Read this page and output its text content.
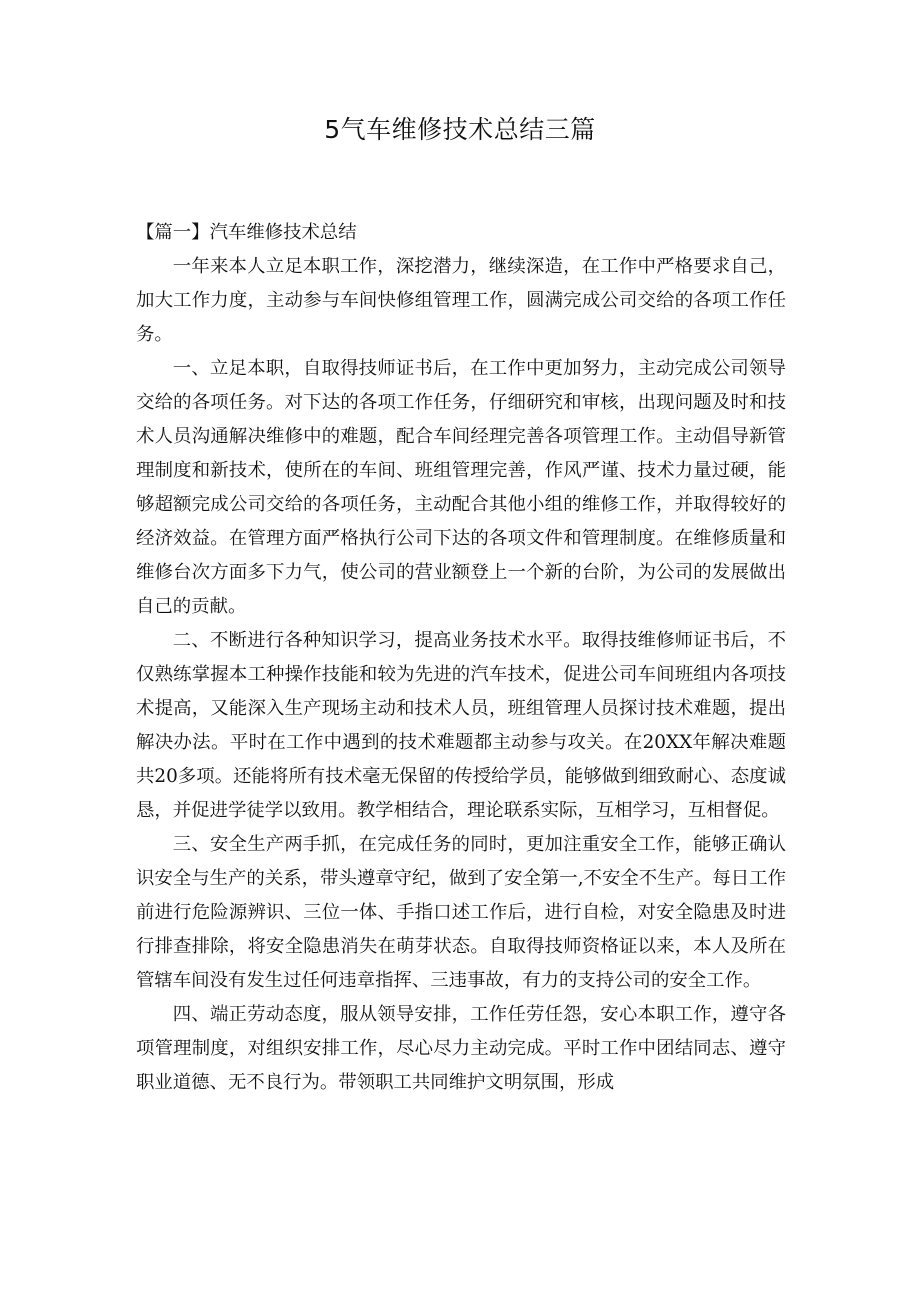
5气车维修技术总结三篇

【篇一】汽车维修技术总结

一年来本人立足本职工作，深挖潜力，继续深造，在工作中严格要求自己，加大工作力度，主动参与车间快修组管理工作，圆满完成公司交给的各项工作任务。

一、立足本职，自取得技师证书后，在工作中更加努力，主动完成公司领导交给的各项任务。对下达的各项工作任务，仔细研究和审核，出现问题及时和技术人员沟通解决维修中的难题，配合车间经理完善各项管理工作。主动倡导新管理制度和新技术，使所在的车间、班组管理完善，作风严谨、技术力量过硬，能够超额完成公司交给的各项任务，主动配合其他小组的维修工作，并取得较好的经济效益。在管理方面严格执行公司下达的各项文件和管理制度。在维修质量和维修台次方面多下力气，使公司的营业额登上一个新的台阶，为公司的发展做出自己的贡献。

二、不断进行各种知识学习，提高业务技术水平。取得技维修师证书后，不仅熟练掌握本工种操作技能和较为先进的汽车技术，促进公司车间班组内各项技术提高，又能深入生产现场主动和技术人员，班组管理人员探讨技术难题，提出解决办法。平时在工作中遇到的技术难题都主动参与攻关。在20XX年解决难题共20多项。还能将所有技术毫无保留的传授给学员，能够做到细致耐心、态度诚恳，并促进学徒学以致用。教学相结合，理论联系实际，互相学习，互相督促。

三、安全生产两手抓，在完成任务的同时，更加注重安全工作，能够正确认识安全与生产的关系，带头遵章守纪，做到了安全第一,不安全不生产。每日工作前进行危险源辨识、三位一体、手指口述工作后，进行自检，对安全隐患及时进行排查排除，将安全隐患消失在萌芽状态。自取得技师资格证以来，本人及所在管辖车间没有发生过任何违章指挥、三违事故，有力的支持公司的安全工作。

四、端正劳动态度，服从领导安排，工作任劳任怨，安心本职工作，遵守各项管理制度，对组织安排工作，尽心尽力主动完成。平时工作中团结同志、遵守职业道德、无不良行为。带领职工共同维护文明氛围，形成
